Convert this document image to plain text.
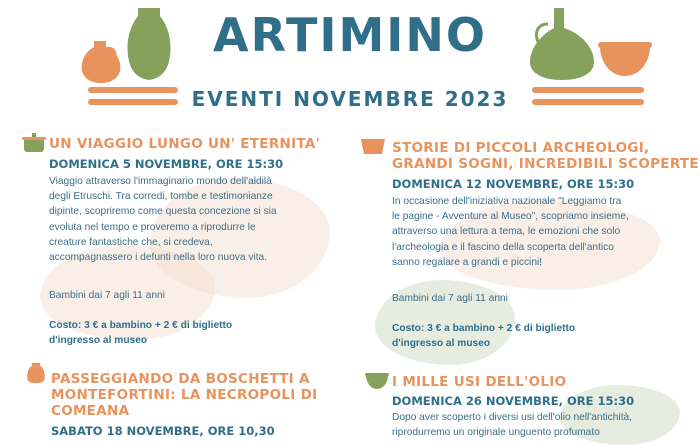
ARTIMINO
EVENTI NOVEMBRE 2023
UN VIAGGIO LUNGO UN' ETERNITA'
DOMENICA 5 NOVEMBRE, ORE 15:30
Viaggio attraverso l'immaginario mondo dell'aldilà
degli Etruschi. Tra corredi, tombe e testimonianze
dipinte, scopriremo come questa concezione si sia
evoluta nel tempo e proveremo a riprodurre le
creature fantastiche che, si credeva,
accompagnassero i defunti nella loro nuova vita.
Bambini dai 7 agli 11 anni
Costo: 3 € a bambino + 2 € di biglietto
d'ingresso al museo
STORIE DI PICCOLI ARCHEOLOGI,
GRANDI SOGNI, INCREDIBILI SCOPERTE
DOMENICA 12 NOVEMBRE, ORE 15:30
In occasione dell'iniziativa nazionale "Leggiamo tra
le pagine - Avventure al Museo", scopriamo insieme,
attraverso una lettura a tema, le emozioni che solo
l'archeologia e il fascino della scoperta dell'antico
sanno regalare a grandi e piccini!
Bambini dai 7 agli 11 anni
Costo: 3 € a bambino + 2 € di biglietto
d'ingresso al museo
PASSEGGIANDO DA BOSCHETTI A
MONTEFORTINI: LA NECROPOLI DI
COMEANA
SABATO 18 NOVEMBRE, ORE 10,30
I MILLE USI DELL'OLIO
DOMENICA 26 NOVEMBRE, ORE 15:30
Dopo aver scoperto i diversi usi dell'olio nell'antichità,
riprodurremo un originale unguento profumato
